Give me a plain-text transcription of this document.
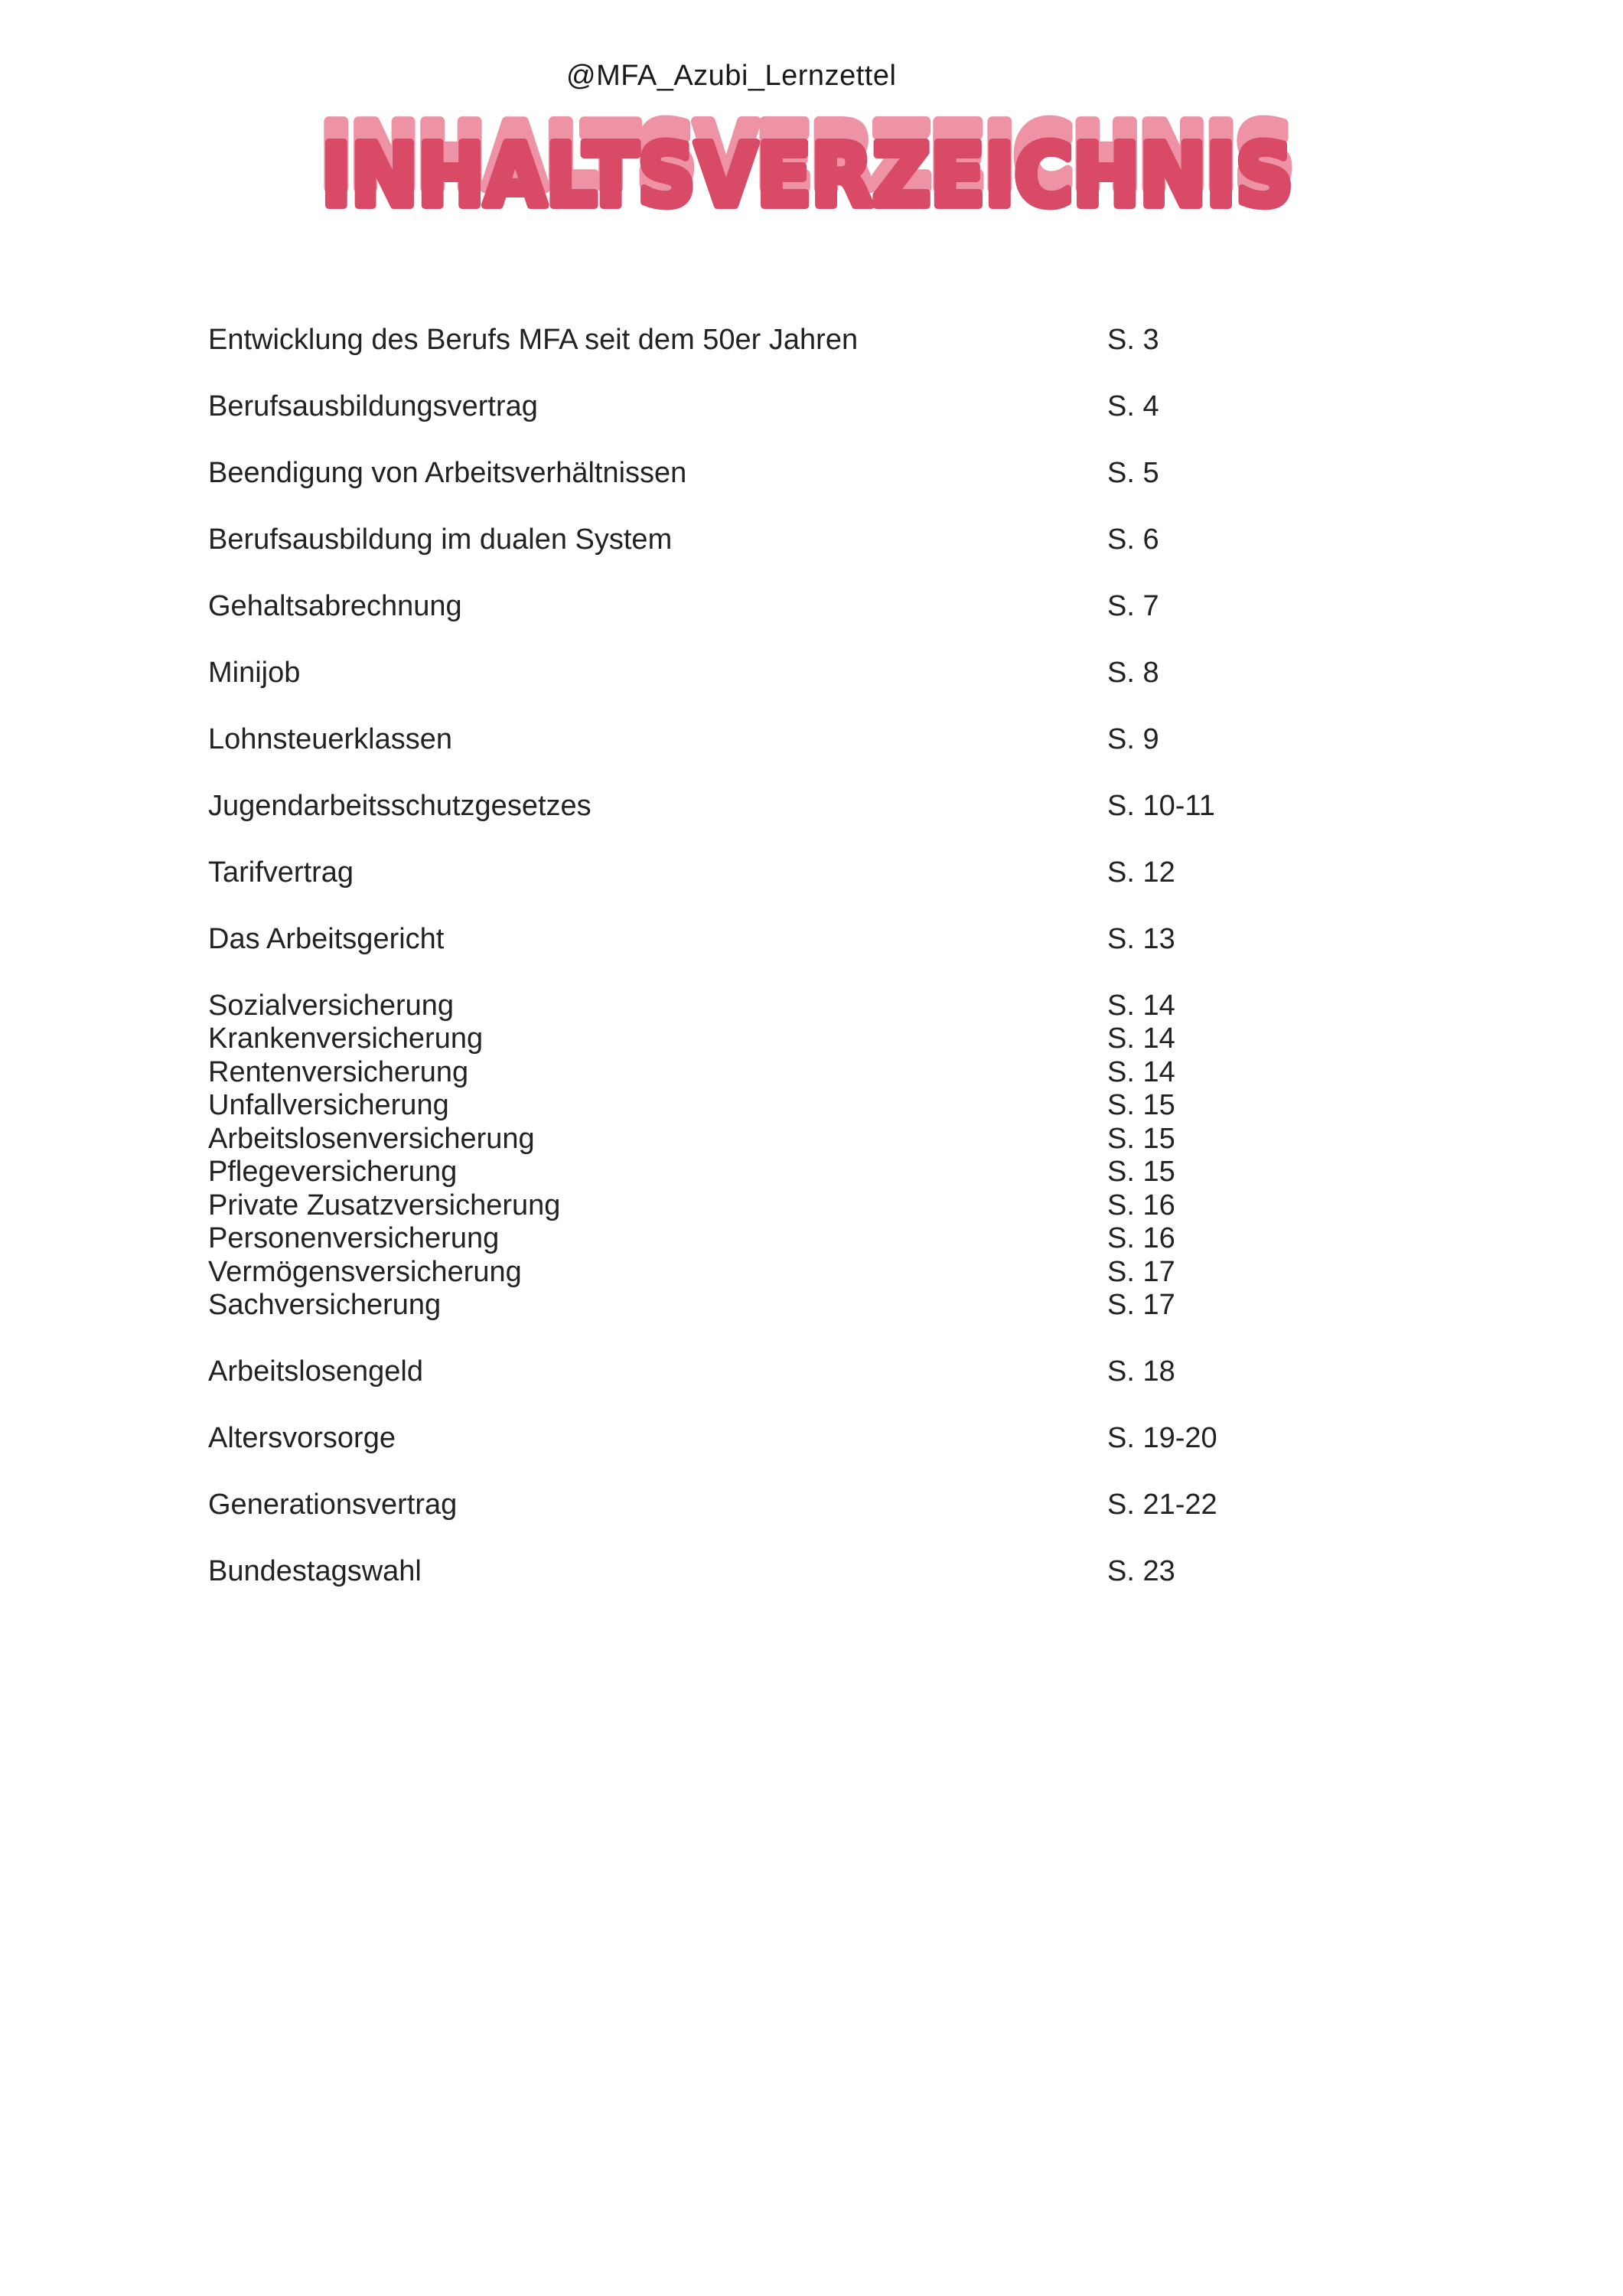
@MFA_Azubi_Lernzettel
INHALTSVERZEICHNIS
INHALTSVERZEICHNIS
Entwicklung des Berufs MFA seit dem 50er Jahren	S. 3
Berufsausbildungsvertrag	S. 4
Beendigung von Arbeitsverhältnissen	S. 5
Berufsausbildung im dualen System	S. 6
Gehaltsabrechnung	S. 7
Minijob	S. 8
Lohnsteuerklassen	S. 9
Jugendarbeitsschutzgesetzes	S. 10-11
Tarifvertrag	S. 12
Das Arbeitsgericht	S. 13
Sozialversicherung	S. 14
Krankenversicherung	S. 14
Rentenversicherung	S. 14
Unfallversicherung	S. 15
Arbeitslosenversicherung	S. 15
Pflegeversicherung	S. 15
Private Zusatzversicherung	S. 16
Personenversicherung	S. 16
Vermögensversicherung	S. 17
Sachversicherung	S. 17
Arbeitslosengeld	S. 18
Altersvorsorge	S. 19-20
Generationsvertrag	S. 21-22
Bundestagswahl	S. 23
